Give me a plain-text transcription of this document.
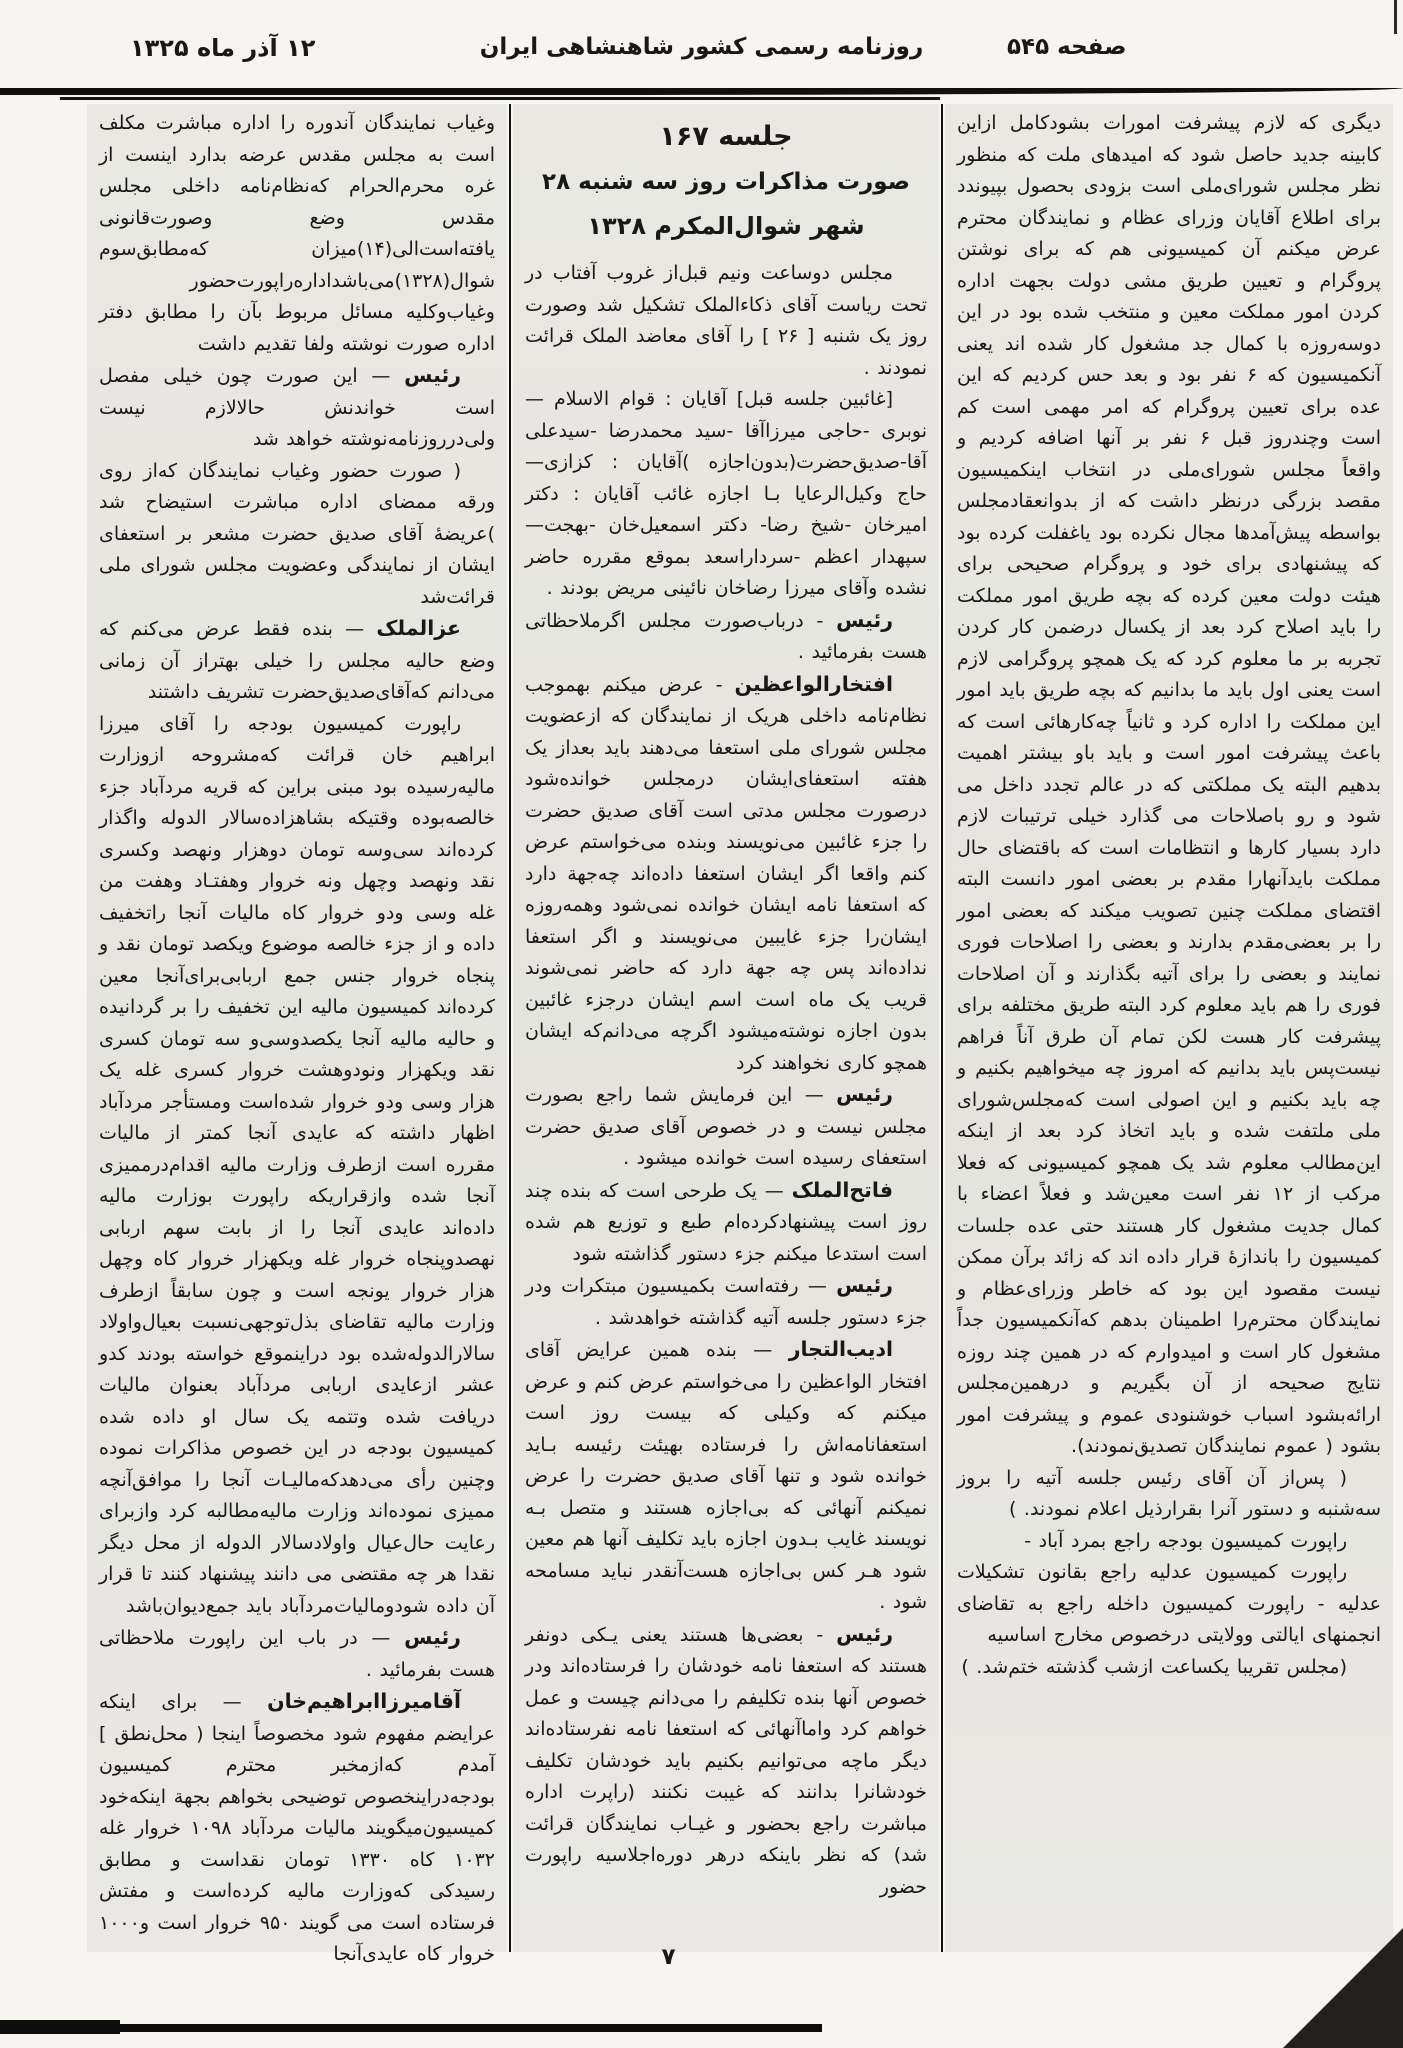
۱۲ آذر ماه ۱۳۲۵	روزنامه رسمی کشور شاهنشاهی ایران	صفحه ۵۴۵

دیگری که لازم پیشرفت امورات بشودکامل ازاین کابینه جدید حاصل شود که امیدهای ملت که منظور نظر مجلس شورای‌ملی است بزودی بحصول بپیوندد برای اطلاع آقایان وزرای عظام و نمایندگان محترم عرض میکنم آن کمیسیونی هم که برای نوشتن پروگرام و تعیین طریق مشی دولت بجهت اداره کردن امور مملکت معین و منتخب شده بود در این دوسه‌روزه با کمال جد مشغول کار شده اند یعنی آنکمیسیون که ۶ نفر بود و بعد حس کردیم که این عده برای تعیین پروگرام که امر مهمی است کم است وچندروز قبل ۶ نفر بر آنها اضافه کردیم و واقعاً مجلس شورای‌ملی در انتخاب اینکمیسیون مقصد بزرگی درنظر داشت که از بدوانعقادمجلس بواسطه پیش‌آمدها مجال نکرده بود یاغفلت کرده بود که پیشنهادی برای خود و پروگرام صحیحی برای هیئت دولت معین کرده که بچه طریق امور مملکت را باید اصلاح کرد بعد از یکسال درضمن کار کردن تجربه بر ما معلوم کرد که یک همچو پروگرامی لازم است یعنی اول باید ما بدانیم که بچه طریق باید امور این مملکت را اداره کرد و ثانیاً چه‌کارهائی است که باعث پیشرفت امور است و باید باو بیشتر اهمیت بدهیم البته یک مملکتی که در عالم تجدد داخل می شود و رو باصلاحات می گذارد خیلی ترتیبات لازم دارد بسیار کارها و انتظامات است که باقتضای حال مملکت بایدآنهارا مقدم بر بعضی امور دانست البته اقتضای مملکت چنین تصویب میکند که بعضی امور را بر بعضی‌مقدم بدارند و بعضی را اصلاحات فوری نمایند و بعضی را برای آتیه بگذارند و آن اصلاحات فوری را هم باید معلوم کرد البته طریق مختلفه برای پیشرفت کار هست لکن تمام آن طرق آناً فراهم نیست‌پس باید بدانیم که امروز چه میخواهیم بکنیم و چه باید بکنیم و این اصولی است که‌مجلس‌شورای ملی ملتفت شده و باید اتخاذ کرد بعد از اینکه این‌مطالب معلوم شد یک همچو کمیسیونی که فعلا مرکب از ۱۲ نفر است معین‌شد و فعلاً اعضاء با کمال جدیت مشغول کار هستند حتی عده جلسات کمیسیون را باندازهٔ قرار داده اند که زائد برآن ممکن نیست مقصود این بود که خاطر وزرای‌عظام و نمایندگان محترم‌را اطمینان بدهم که‌آنکمیسیون جداً مشغول کار است و امیدوارم که در همین چند روزه نتایج صحیحه از آن بگیریم و درهمین‌مجلس ارائه‌بشود اسباب خوشنودی عموم و پیشرفت امور بشود ( عموم نمایندگان تصدیق‌نمودند).

( پس‌از آن آقای رئیس جلسه آتیه را بروز سه‌شنبه و دستور آنرا بقرارذیل اعلام نمودند. )

راپورت کمیسیون بودجه راجع بمرد آباد -

راپورت کمیسیون عدلیه راجع بقانون تشکیلات عدلیه - راپورت کمیسیون داخله راجع به تقاضای انجمنهای ایالتی وولایتی درخصوص مخارج اساسیه

(مجلس تقریبا یکساعت ازشب گذشته ختم‌شد. )

جلسه ۱۶۷
صورت مذاکرات روز سه شنبه ۲۸
شهر شوال‌المکرم ۱۳۲۸

مجلس دوساعت ونیم قبل‌از غروب آفتاب در تحت ریاست آقای ذکاءالملک تشکیل شد وصورت روز یک شنبه [ ۲۶ ] را آقای معاضد الملک قرائت نمودند .

[غائبین جلسه قبل] آقایان : قوام الاسلام — نوبری -حاجی میرزاآقا -سید محمدرضا -سیدعلی آقا-صدیق‌حضرت(بدون‌اجازه )آقایان : کزازی— حاج وکیل‌الرعایا بـا اجازه غائب آقایان : دکتر امیرخان -شیخ رضا- دکتر اسمعیل‌خان -بهجت— سپهدار اعظم -سرداراسعد بموقع مقرره حاضر نشده وآقای میرزا رضاخان نائینی مریض بودند .

رئیس - درباب‌صورت مجلس اگرملاحظاتی هست بفرمائید .

افتخارالواعظین - عرض میکنم بهموجب نظام‌نامه داخلی هریک از نمایندگان که ازعضویت مجلس شورای ملی استعفا می‌دهند باید بعداز یک هفته استعفای‌ایشان درمجلس خوانده‌شود درصورت مجلس مدتی است آقای صدیق حضرت را جزء غائبین می‌نویسند وبنده می‌خواستم عرض کنم واقعا اگر ایشان استعفا داده‌اند چه‌جهة دارد که استعفا نامه ایشان خوانده نمی‌شود وهمه‌روزه ایشان‌را جزء غایبین می‌نویسند و اگر استعفا نداده‌اند پس چه جهة دارد که حاضر نمی‌شوند قریب یک ماه است اسم ایشان درجزء غائبین بدون اجازه نوشته‌میشود اگرچه می‌دانم‌که ایشان همچو کاری نخواهند کرد

رئیس — این فرمایش شما راجع بصورت مجلس نیست و در خصوص آقای صدیق حضرت استعفای رسیده است خوانده میشود .

فاتح‌الملک — یک طرحی است که بنده چند روز است پیشنهادکرده‌ام طبع و توزیع هم شده است استدعا میکنم جزء دستور گذاشته شود

رئیس — رفته‌است بکمیسیون مبتکرات ودر جزء دستور جلسه آتیه گذاشته خواهدشد .

ادیب‌التجار — بنده همین عرایض آقای افتخار الواعظین را می‌خواستم عرض کنم و عرض میکنم که وکیلی که بیست روز است استعفانامه‌اش را فرستاده بهیئت رئیسه بـاید خوانده شود و تنها آقای صدیق حضرت را عرض نمیکنم آنهائی که بی‌اجازه هستند و متصل بـه نویسند غایب بـدون اجازه باید تکلیف آنها هم معین شود هـر کس بی‌اجازه هست‌آنقدر نباید مسامحه شود .

رئیس - بعضی‌ها هستند یعنی یـکی دونفر هستند که استعفا نامه خودشان را فرستاده‌اند ودر خصوص آنها بنده تکلیفم را می‌دانم چیست و عمل خواهم کرد واماآنهائی که استعفا نامه نفرستاده‌اند دیگر ماچه می‌توانیم بکنیم باید خودشان تکلیف خودشانرا بدانند که غیبت نکنند (راپرت اداره مباشرت راجع بحضور و غیـاب نمایندگان قرائت شد) که نظر باینکه درهر دوره‌اجلاسیه راپورت حضور

وغیاب نمایندگان آندوره را اداره مباشرت مکلف است به مجلس مقدس عرضه بدارد اینست از غره محرم‌الحرام که‌نظام‌نامه داخلی مجلس مقدس وضع وصورت‌قانونی یافته‌است‌الی(۱۴)میزان که‌مطابق‌سوم شوال(۱۳۲۸)می‌باشداداره‌راپورت‌حضور وغیاب‌وکلیه مسائل مربوط بآن را مطابق دفتر اداره صورت نوشته ولفا تقدیم داشت

رئیس — این صورت چون خیلی مفصل است خواندنش حالالازم نیست ولی‌درروزنامه‌نوشته خواهد شد

( صورت حضور وغیاب نمایندگان که‌از روی ورقه ممضای اداره مباشرت استیضاح شد )عریضهٔ آقای صدیق حضرت مشعر بر استعفای ایشان از نمایندگی وعضویت مجلس شورای ملی قرائت‌شد

عزالملک — بنده فقط عرض می‌کنم که وضع حالیه مجلس را خیلی بهتراز آن زمانی می‌دانم که‌آقای‌صدیق‌حضرت تشریف داشتند

راپورت کمیسیون بودجه را آقای میرزا ابراهیم خان قرائت که‌مشروحه ازوزارت مالیه‌رسیده بود مبنی براین که قریه مردآباد جزء خالصه‌بوده وقتیکه بشاهزاده‌سالار الدوله واگذار کرده‌اند سی‌وسه تومان دوهزار ونهصد وکسری نقد ونهصد وچهل ونه خروار وهفتـاد وهفت من غله وسی ودو خروار کاه مالیات آنجا راتخفیف داده و از جزء خالصه موضوع ویکصد تومان نقد و پنجاه خروار جنس جمع اربابی‌برای‌آنجا معین کرده‌اند کمیسیون مالیه این تخفیف را بر گردانیده و حالیه مالیه آنجا یکصدوسی‌و سه تومان کسری نقد ویکهزار ونودوهشت خروار کسری غله یک هزار وسی ودو خروار شده‌است ومستأجر مردآباد اظهار داشته که عایدی آنجا کمتر از مالیات مقرره است ازطرف وزارت مالیه اقدام‌درممیزی آنجا شده وازقراریکه راپورت بوزارت مالیه داده‌اند عایدی آنجا را از بابت سهم اربابی نهصدوپنجاه خروار غله ویکهزار خروار کاه وچهل هزار خروار یونجه است و چون سابقاً ازطرف وزارت مالیه تقاضای بذل‌توجهی‌نسبت بعیال‌واولاد سالارالدوله‌شده بود دراینموقع خواسته بودند کدو عشر ازعایدی اربابی مردآباد بعنوان مالیات دریافت شده وتتمه یک سال او داده شده کمیسیون بودجه در این خصوص مذاکرات نموده وچنین رأی می‌دهدکه‌مالیـات آنجا را موافق‌آنچه ممیزی نموده‌اند وزارت مالیه‌مطالبه کرد وازبرای رعایت حال‌عیال واولادسالار الدوله از محل دیگر نقدا هر چه مقتضی می دانند پیشنهاد کنند تا قرار آن داده شودومالیات‌مردآباد باید جمع‌دیوان‌باشد

رئیس — در باب این راپورت ملاحظاتی هست بفرمائید .

آقامیرزاابراهیم‌خان — برای اینکه عرایضم مفهوم شود مخصوصاً اینجا ( محل‌نطق ] آمدم که‌ازمخبر محترم کمیسیون بودجه‌دراینخصوص توضیحی بخواهم بجهة اینکه‌خود کمیسیون‌میگویند مالیات مردآباد ۱۰۹۸ خروار غله ۱۰۳۲ کاه ۱۳۳۰ تومان نقداست و مطابق رسیدکی که‌وزارت مالیه کرده‌است و مفتش فرستاده است می گویند ۹۵۰ خروار است و۱۰۰۰ خروار کاه عایدی‌آنجا	۷
